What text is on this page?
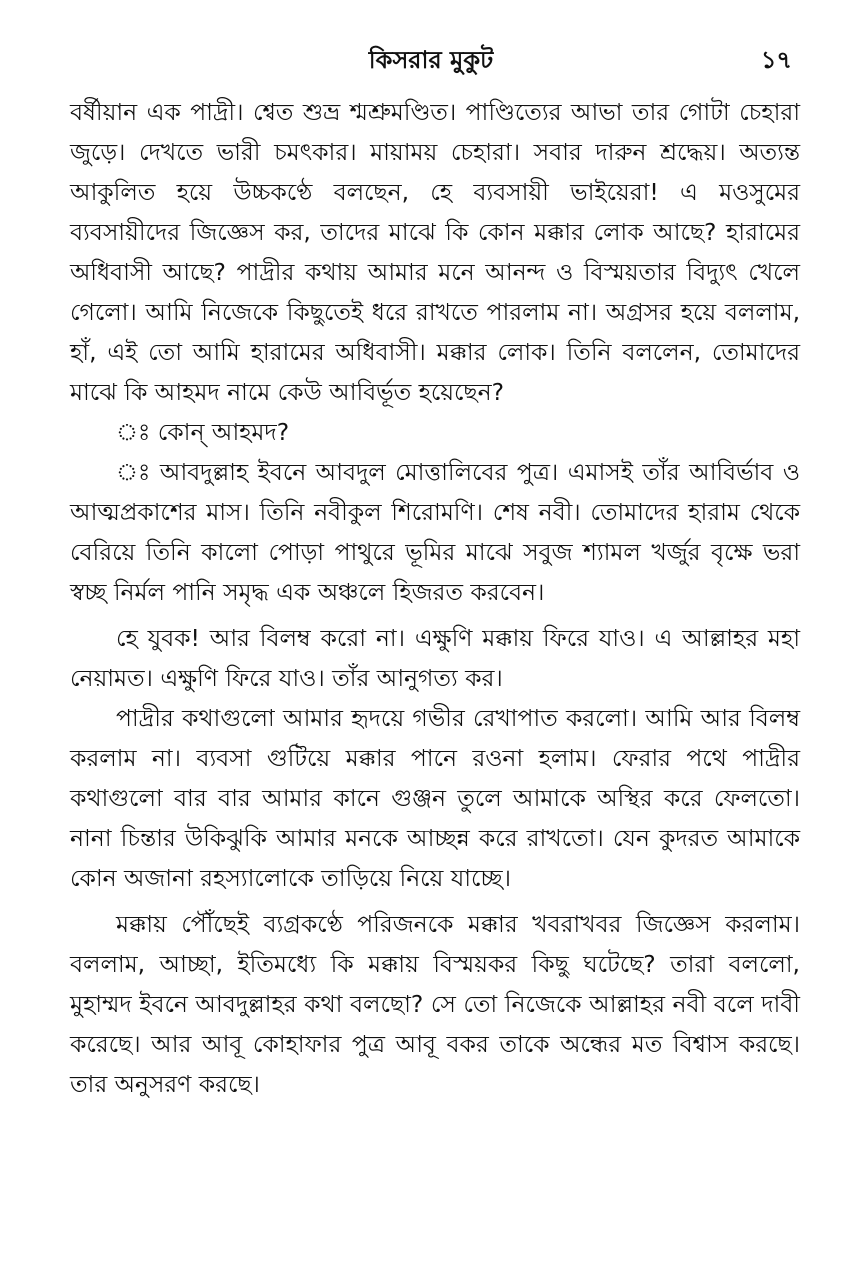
কিসরার মুকুট	১৭

বর্ষীয়ান এক পাদ্রী। শ্বেত শুভ্র শ্মশ্রুমণ্ডিত। পাণ্ডিত্যের আভা তার গোটা চেহারা জুড়ে। দেখতে ভারী চমৎকার। মায়াময় চেহারা। সবার দারুন শ্রদ্ধেয়। অত্যন্ত আকুলিত হয়ে উচ্চকণ্ঠে বলছেন, হে ব্যবসায়ী ভাইয়েরা! এ মওসুমের ব্যবসায়ীদের জিজ্ঞেস কর, তাদের মাঝে কি কোন মক্কার লোক আছে? হারামের অধিবাসী আছে? পাদ্রীর কথায় আমার মনে আনন্দ ও বিস্ময়তার বিদ্যুৎ খেলে গেলো। আমি নিজেকে কিছুতেই ধরে রাখতে পারলাম না। অগ্রসর হয়ে বললাম, হাঁ, এই তো আমি হারামের অধিবাসী। মক্কার লোক। তিনি বললেন, তোমাদের মাঝে কি আহমদ নামে কেউ আবির্ভূত হয়েছেন?

ঃ কোন্ আহমদ?

ঃ আবদুল্লাহ ইবনে আবদুল মোত্তালিবের পুত্র। এমাসই তাঁর আবির্ভাব ও আত্মপ্রকাশের মাস। তিনি নবীকুল শিরোমণি। শেষ নবী। তোমাদের হারাম থেকে বেরিয়ে তিনি কালো পোড়া পাথুরে ভূমির মাঝে সবুজ শ্যামল খর্জুর বৃক্ষে ভরা স্বচ্ছ নির্মল পানি সমৃদ্ধ এক অঞ্চলে হিজরত করবেন।

হে যুবক! আর বিলম্ব করো না। এক্ষুণি মক্কায় ফিরে যাও। এ আল্লাহর মহা নেয়ামত। এক্ষুণি ফিরে যাও। তাঁর আনুগত্য কর।

পাদ্রীর কথাগুলো আমার হৃদয়ে গভীর রেখাপাত করলো। আমি আর বিলম্ব করলাম না। ব্যবসা গুটিয়ে মক্কার পানে রওনা হলাম। ফেরার পথে পাদ্রীর কথাগুলো বার বার আমার কানে গুঞ্জন তুলে আমাকে অস্থির করে ফেলতো। নানা চিন্তার উকিঝুকি আমার মনকে আচ্ছন্ন করে রাখতো। যেন কুদরত আমাকে কোন অজানা রহস্যালোকে তাড়িয়ে নিয়ে যাচ্ছে।

মক্কায় পৌঁছেই ব্যগ্রকণ্ঠে পরিজনকে মক্কার খবরাখবর জিজ্ঞেস করলাম। বললাম, আচ্ছা, ইতিমধ্যে কি মক্কায় বিস্ময়কর কিছু ঘটেছে? তারা বললো, মুহাম্মদ ইবনে আবদুল্লাহর কথা বলছো? সে তো নিজেকে আল্লাহর নবী বলে দাবী করেছে। আর আবূ কোহাফার পুত্র আবূ বকর তাকে অন্ধের মত বিশ্বাস করছে। তার অনুসরণ করছে।
